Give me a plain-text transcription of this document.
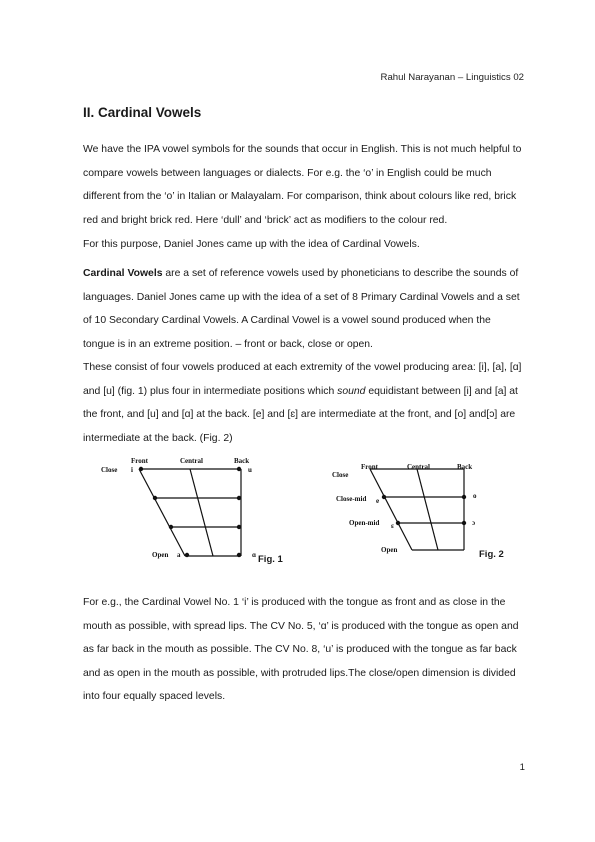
Rahul Narayanan – Linguistics 02
II. Cardinal Vowels

We have the IPA vowel symbols for the sounds that occur in English. This is not much helpful to compare vowels between languages or dialects. For e.g. the ‘o’ in English could be much different from the ‘o’ in Italian or Malayalam. For comparison, think about colours like red, brick red and bright brick red. Here ‘dull’ and ‘brick’ act as modifiers to the colour red.

For this purpose, Daniel Jones came up with the idea of Cardinal Vowels.

Cardinal Vowels are a set of reference vowels used by phoneticians to describe the sounds of languages. Daniel Jones came up with the idea of a set of 8 Primary Cardinal Vowels and a set of 10 Secondary Cardinal Vowels. A Cardinal Vowel is a vowel sound produced when the tongue is in an extreme position. – front or back, close or open.

These consist of four vowels produced at each extremity of the vowel producing area: [i], [a], [ɑ] and [u] (fig. 1) plus four in intermediate positions which sound equidistant between [i] and [a] at the front, and [u] and [ɑ] at the back. [e] and [ɛ] are intermediate at the front, and [o] and[ɔ] are intermediate at the back. (Fig. 2)

Front	Central	Back
Close i	u
Open a	ɑ Fig. 1
Front	Central	Back
Close
Close-mid e
o
Open-mid ɛ	ɔ
Open	Fig. 2

For e.g., the Cardinal Vowel No. 1 ‘i’ is produced with the tongue as front and as close in the mouth as possible, with spread lips. The CV No. 5, ‘ɑ’ is produced with the tongue as open and as far back in the mouth as possible. The CV No. 8, ‘u’ is produced with the tongue as far back and as open in the mouth as possible, with protruded lips.The close/open dimension is divided into four equally spaced levels.

1
